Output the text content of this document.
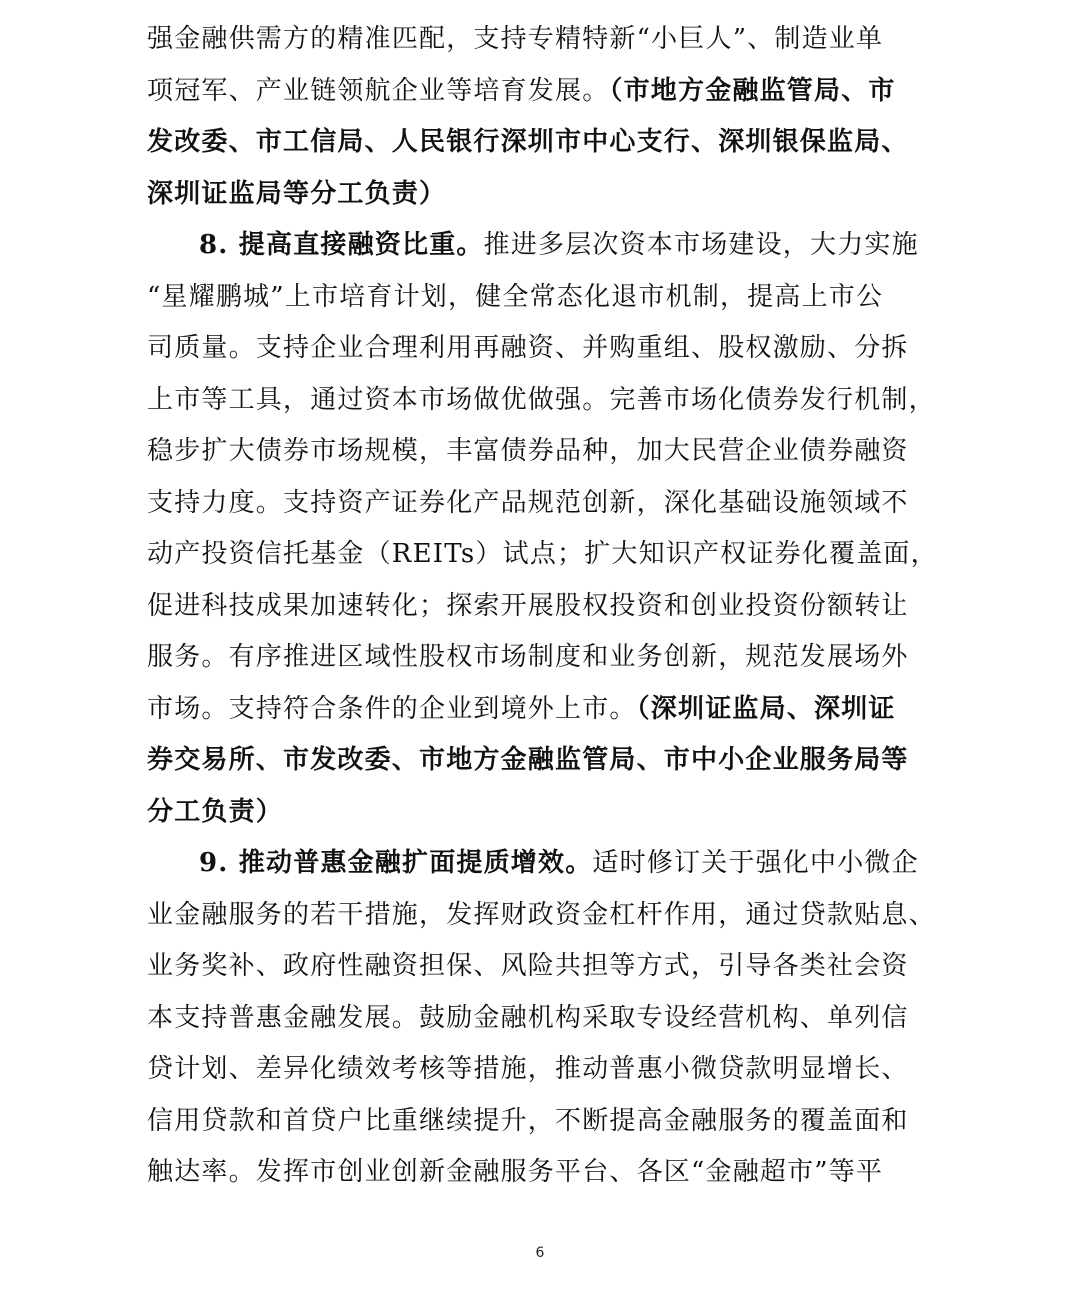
强金融供需方的精准匹配，支持专精特新“小巨人”、制造业单
项冠军、产业链领航企业等培育发展。（市地方金融监管局、市
发改委、市工信局、人民银行深圳市中心支行、深圳银保监局、
深圳证监局等分工负责）
8. 提高直接融资比重。推进多层次资本市场建设，大力实施
“星耀鹏城”上市培育计划，健全常态化退市机制，提高上市公
司质量。支持企业合理利用再融资、并购重组、股权激励、分拆
上市等工具，通过资本市场做优做强。完善市场化债券发行机制，
稳步扩大债券市场规模，丰富债券品种，加大民营企业债券融资
支持力度。支持资产证券化产品规范创新，深化基础设施领域不
动产投资信托基金（REITs）试点；扩大知识产权证券化覆盖面，
促进科技成果加速转化；探索开展股权投资和创业投资份额转让
服务。有序推进区域性股权市场制度和业务创新，规范发展场外
市场。支持符合条件的企业到境外上市。（深圳证监局、深圳证
券交易所、市发改委、市地方金融监管局、市中小企业服务局等
分工负责）
9. 推动普惠金融扩面提质增效。适时修订关于强化中小微企
业金融服务的若干措施，发挥财政资金杠杆作用，通过贷款贴息、
业务奖补、政府性融资担保、风险共担等方式，引导各类社会资
本支持普惠金融发展。鼓励金融机构采取专设经营机构、单列信
贷计划、差异化绩效考核等措施，推动普惠小微贷款明显增长、
信用贷款和首贷户比重继续提升，不断提高金融服务的覆盖面和
触达率。发挥市创业创新金融服务平台、各区“金融超市”等平
6
